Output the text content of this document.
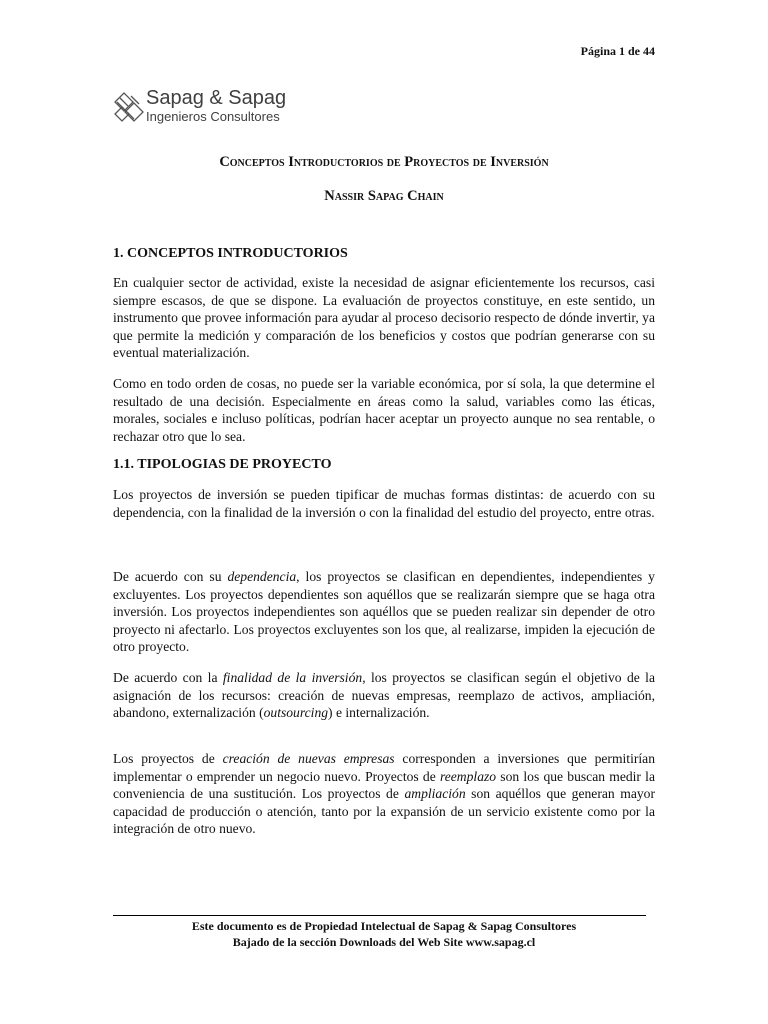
Página 1 de 44
Sapag & Sapag
Ingenieros Consultores
Conceptos Introductorios de Proyectos de Inversión
Nassir Sapag Chain
1. CONCEPTOS INTRODUCTORIOS

En cualquier sector de actividad, existe la necesidad de asignar eficientemente los recursos, casi siempre escasos, de que se dispone. La evaluación de proyectos constituye, en este sentido, un instrumento que provee información para ayudar al proceso decisorio respecto de dónde invertir, ya que permite la medición y comparación de los beneficios y costos que podrían generarse con su eventual materialización.

Como en todo orden de cosas, no puede ser la variable económica, por sí sola, la que determine el resultado de una decisión. Especialmente en áreas como la salud, variables como las éticas, morales, sociales e incluso políticas, podrían hacer aceptar un proyecto aunque no sea rentable, o rechazar otro que lo sea.

1.1. TIPOLOGIAS DE PROYECTO

Los proyectos de inversión se pueden tipificar de muchas formas distintas: de acuerdo con su dependencia, con la finalidad de la inversión o con la finalidad del estudio del proyecto, entre otras.

De acuerdo con su dependencia, los proyectos se clasifican en dependientes, independientes y excluyentes. Los proyectos dependientes son aquéllos que se realizarán siempre que se haga otra inversión. Los proyectos independientes son aquéllos que se pueden realizar sin depender de otro proyecto ni afectarlo. Los proyectos excluyentes son los que, al realizarse, impiden la ejecución de otro proyecto.

De acuerdo con la finalidad de la inversión, los proyectos se clasifican según el objetivo de la asignación de los recursos: creación de nuevas empresas, reemplazo de activos, ampliación, abandono, externalización (outsourcing) e internalización.

Los proyectos de creación de nuevas empresas corresponden a inversiones que permitirían implementar o emprender un negocio nuevo. Proyectos de reemplazo son los que buscan medir la conveniencia de una sustitución. Los proyectos de ampliación son aquéllos que generan mayor capacidad de producción o atención, tanto por la expansión de un servicio existente como por la integración de otro nuevo.

Este documento es de Propiedad Intelectual de Sapag & Sapag Consultores
Bajado de la sección Downloads del Web Site www.sapag.cl
